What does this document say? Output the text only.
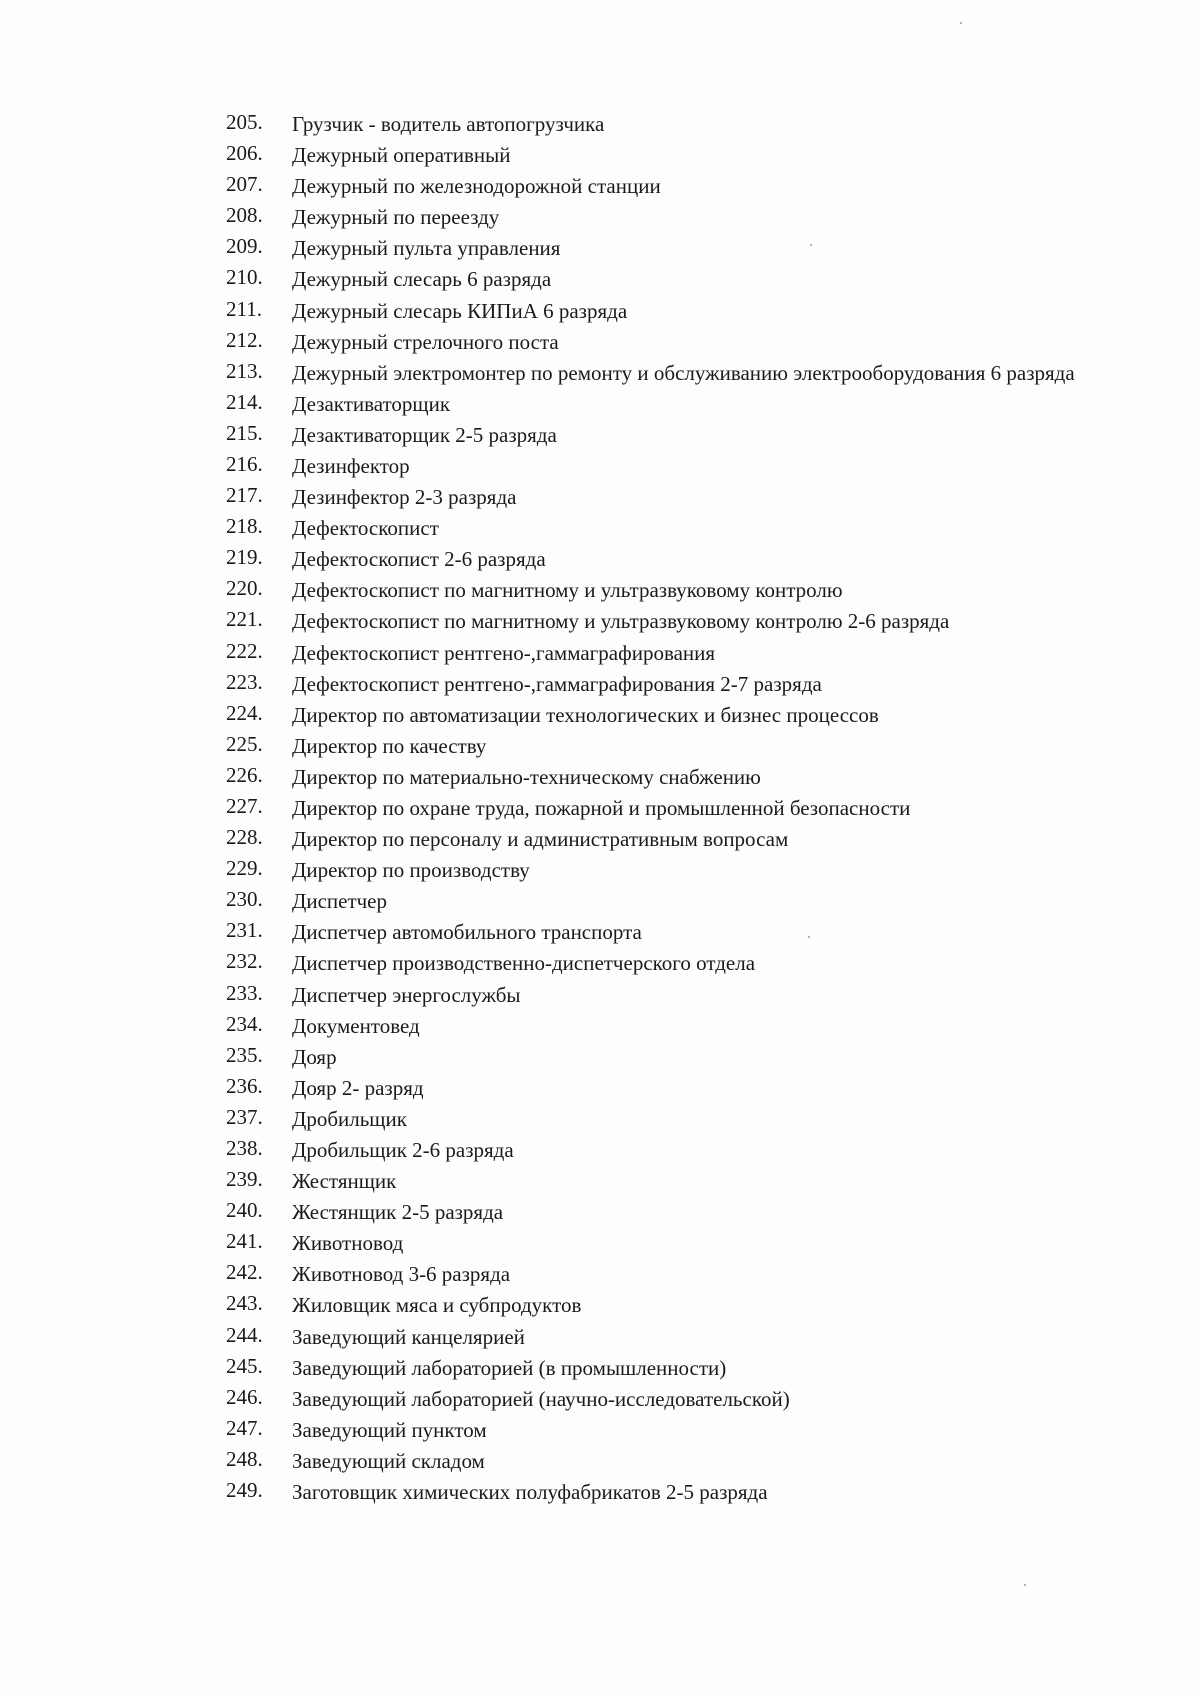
205.	Грузчик - водитель автопогрузчика
206.	Дежурный оперативный
207.	Дежурный по железнодорожной станции
208.	Дежурный по переезду
209.	Дежурный пульта управления
210.	Дежурный слесарь 6 разряда
211.	Дежурный слесарь КИПиА 6 разряда
212.	Дежурный стрелочного поста
213.	Дежурный электромонтер по ремонту и обслуживанию электрооборудования 6 разряда
214.	Дезактиваторщик
215.	Дезактиваторщик 2-5 разряда
216.	Дезинфектор
217.	Дезинфектор 2-3 разряда
218.	Дефектоскопист
219.	Дефектоскопист 2-6 разряда
220.	Дефектоскопист по магнитному и ультразвуковому контролю
221.	Дефектоскопист по магнитному и ультразвуковому контролю 2-6 разряда
222.	Дефектоскопист рентгено-,гаммаграфирования
223.	Дефектоскопист рентгено-,гаммаграфирования 2-7 разряда
224.	Директор по автоматизации технологических и бизнес процессов
225.	Директор по качеству
226.	Директор по материально-техническому снабжению
227.	Директор по охране труда, пожарной и промышленной безопасности
228.	Директор по персоналу и административным вопросам
229.	Директор по производству
230.	Диспетчер
231.	Диспетчер автомобильного транспорта
232.	Диспетчер производственно-диспетчерского отдела
233.	Диспетчер энергослужбы
234.	Документовед
235.	Дояр
236.	Дояр 2- разряд
237.	Дробильщик
238.	Дробильщик 2-6 разряда
239.	Жестянщик
240.	Жестянщик 2-5 разряда
241.	Животновод
242.	Животновод 3-6 разряда
243.	Жиловщик мяса и субпродуктов
244.	Заведующий канцелярией
245.	Заведующий лабораторией (в промышленности)
246.	Заведующий лабораторией (научно-исследовательской)
247.	Заведующий пунктом
248.	Заведующий складом
249.	Заготовщик химических полуфабрикатов 2-5 разряда
